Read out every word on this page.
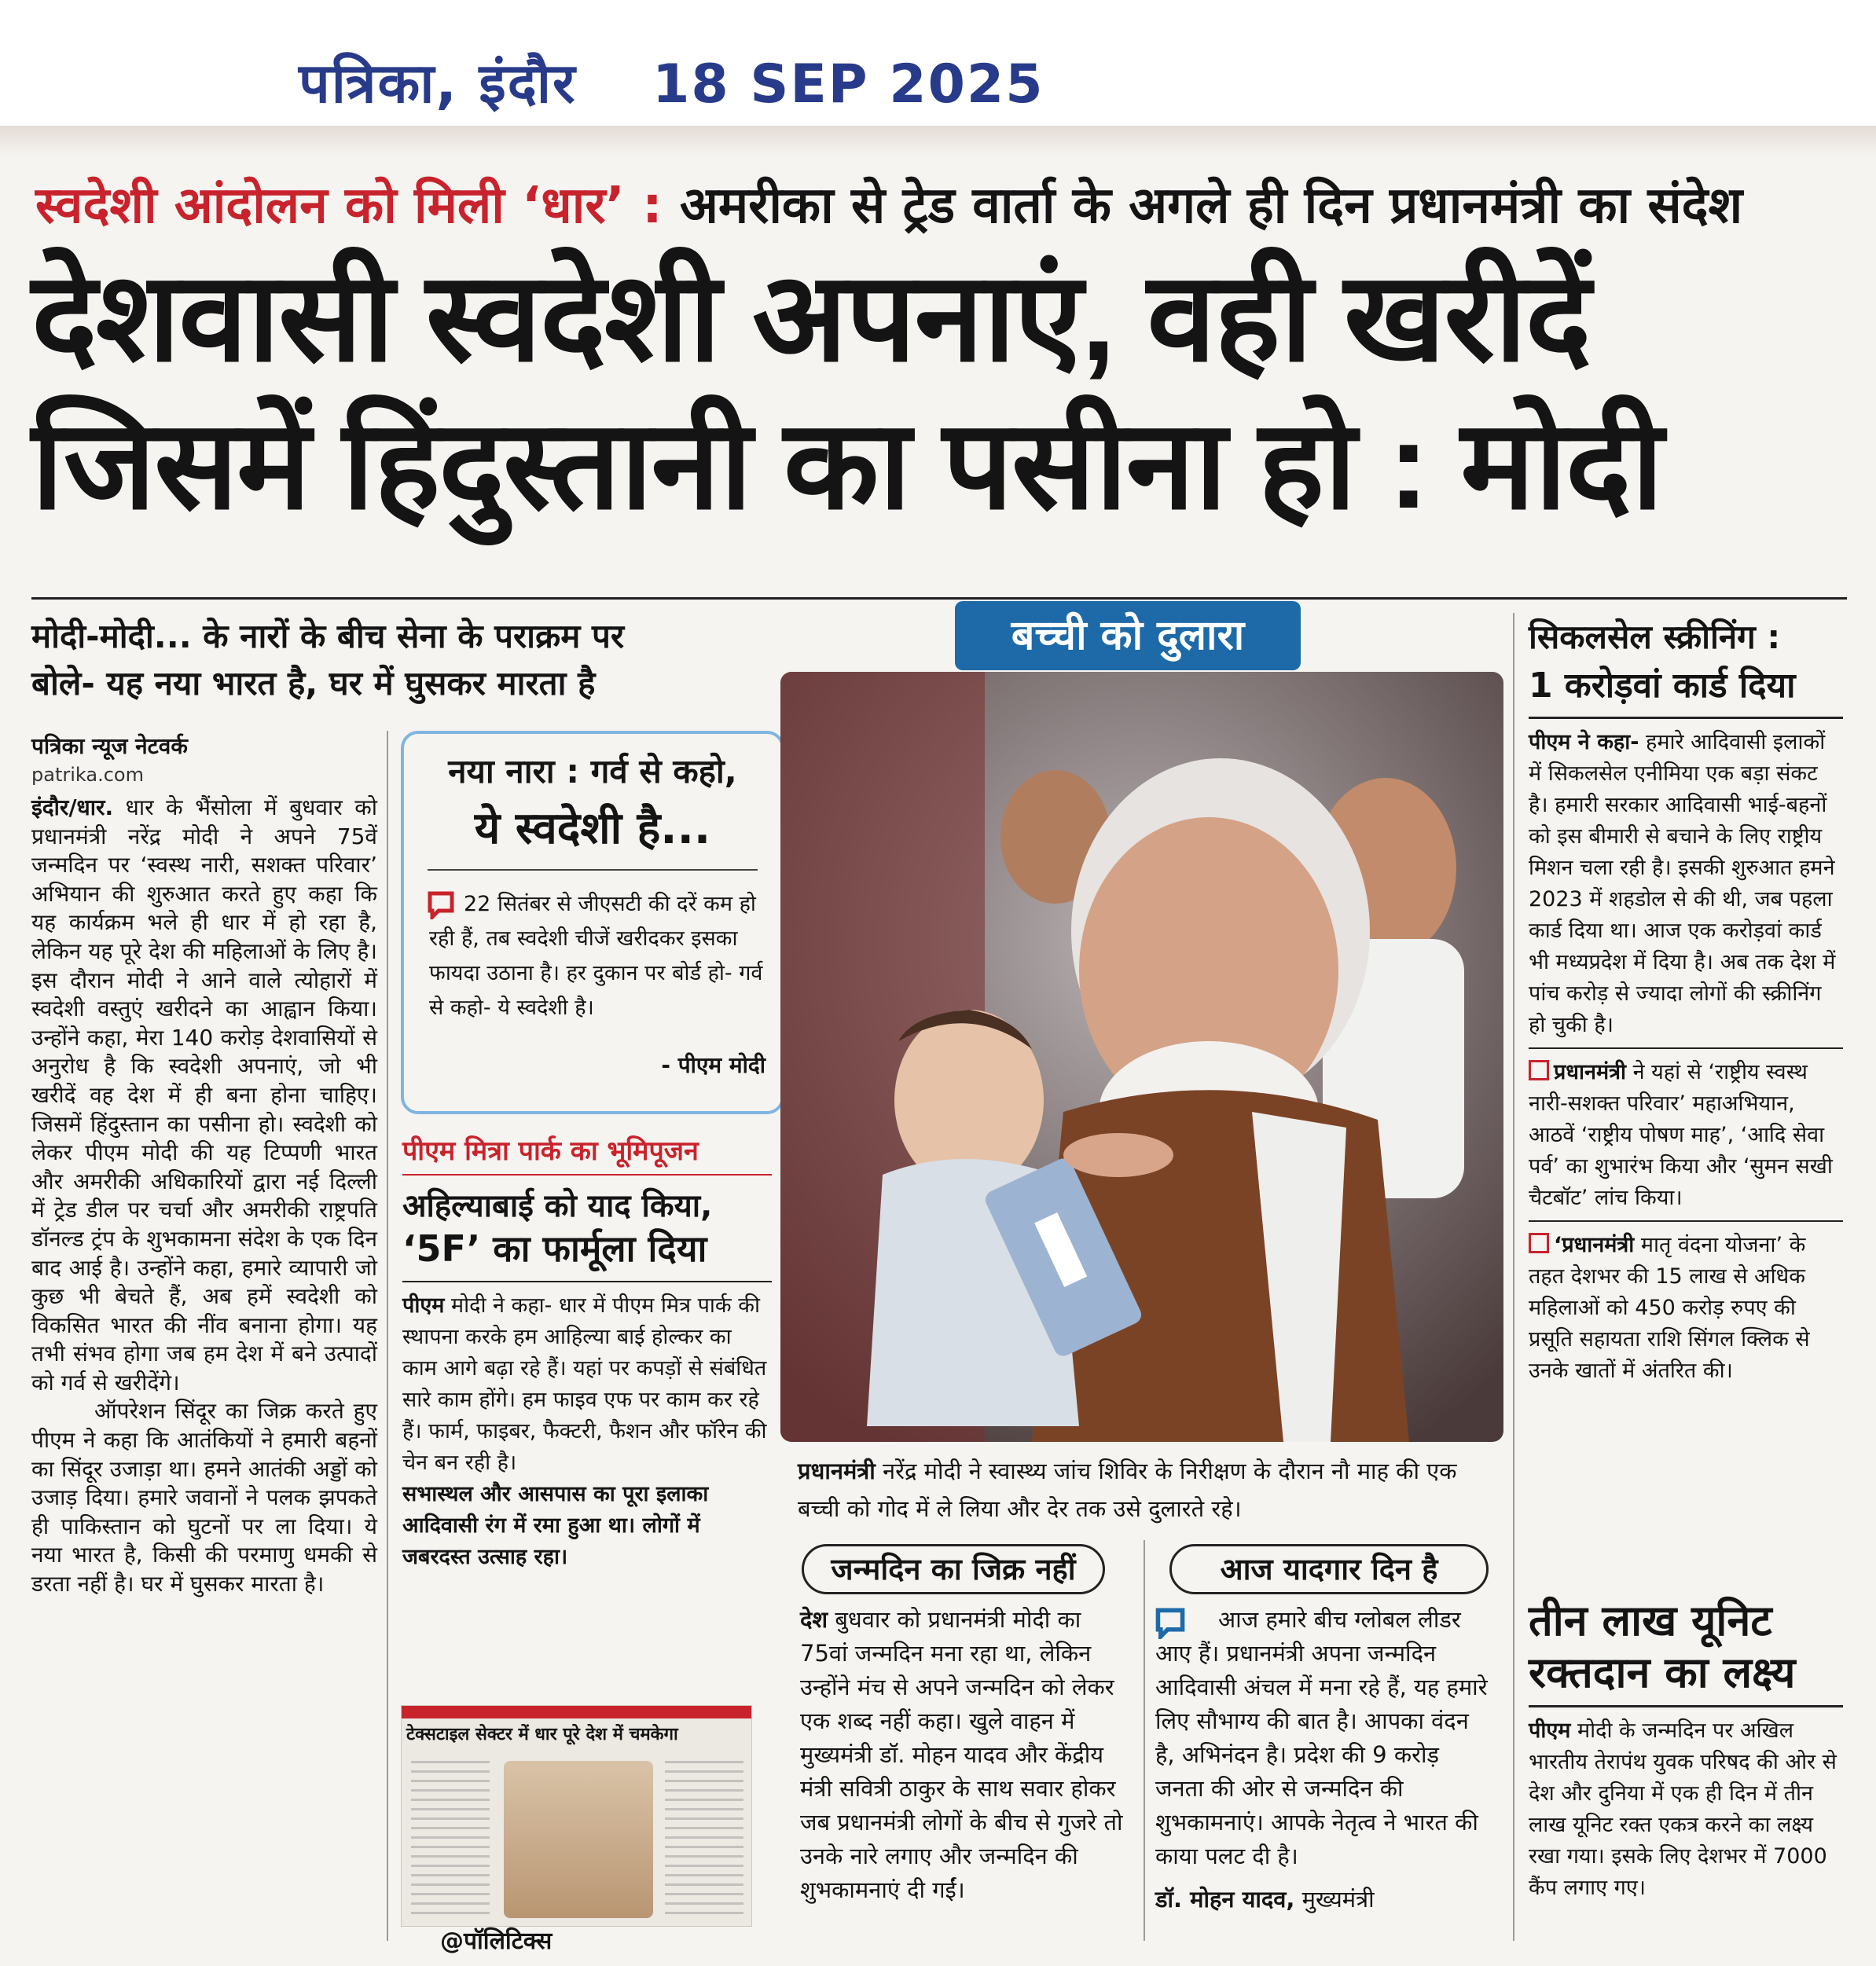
पत्रिका, इंदौर 18 SEP 2025
स्वदेशी आंदोलन को मिली ‘धार’ : अमरीका से ट्रेड वार्ता के अगले ही दिन प्रधानमंत्री का संदेश
देशवासी स्वदेशी अपनाएं, वही खरीदें
जिसमें हिंदुस्तानी का पसीना हो : मोदी
मोदी-मोदी... के नारों के बीच सेना के पराक्रम पर
बोले- यह नया भारत है, घर में घुसकर मारता है
पत्रिका न्यूज नेटवर्क
patrika.com

इंदौर/धार. धार के भैंसोला में बुधवार को प्रधानमंत्री नरेंद्र मोदी ने अपने 75वें जन्मदिन पर ‘स्वस्थ नारी, सशक्त परिवार’ अभियान की शुरुआत करते हुए कहा कि यह कार्यक्रम भले ही धार में हो रहा है, लेकिन यह पूरे देश की महिलाओं के लिए है। इस दौरान मोदी ने आने वाले त्योहारों में स्वदेशी वस्तुएं खरीदने का आह्वान किया। उन्होंने कहा, मेरा 140 करोड़ देशवासियों से अनुरोध है कि स्वदेशी अपनाएं, जो भी खरीदें वह देश में ही बना होना चाहिए। जिसमें हिंदुस्तान का पसीना हो। स्वदेशी को लेकर पीएम मोदी की यह टिप्पणी भारत और अमरीकी अधिकारियों द्वारा नई दिल्ली में ट्रेड डील पर चर्चा और अमरीकी राष्ट्रपति डॉनल्ड ट्रंप के शुभकामना संदेश के एक दिन बाद आई है। उन्होंने कहा, हमारे व्यापारी जो कुछ भी बेचते हैं, अब हमें स्वदेशी को विकसित भारत की नींव बनाना होगा। यह तभी संभव होगा जब हम देश में बने उत्पादों को गर्व से खरीदेंगे।

ऑपरेशन सिंदूर का जिक्र करते हुए पीएम ने कहा कि आतंकियों ने हमारी बहनों का सिंदूर उजाड़ा था। हमने आतंकी अड्डों को उजाड़ दिया। हमारे जवानों ने पलक झपकते ही पाकिस्तान को घुटनों पर ला दिया। ये नया भारत है, किसी की परमाणु धमकी से डरता नहीं है। घर में घुसकर मारता है।

नया नारा : गर्व से कहो,
ये स्वदेशी है...
22 सितंबर से जीएसटी की दरें कम हो रही हैं, तब स्वदेशी चीजें खरीदकर इसका फायदा उठाना है। हर दुकान पर बोर्ड हो- गर्व से कहो- ये स्वदेशी है।
- पीएम मोदी
पीएम मित्रा पार्क का भूमिपूजन
अहिल्याबाई को याद किया,
‘5F’ का फार्मूला दिया
पीएम मोदी ने कहा- धार में पीएम मित्र पार्क की स्थापना करके हम आहिल्या बाई होल्कर का काम आगे बढ़ा रहे हैं। यहां पर कपड़ों से संबंधित सारे काम होंगे। हम फाइव एफ पर काम कर रहे हैं। फार्म, फाइबर, फैक्टरी, फैशन और फॉरेन की चेन बन रही है।
सभास्थल और आसपास का पूरा इलाका आदिवासी रंग में रमा हुआ था। लोगों में जबरदस्त उत्साह रहा।
टेक्सटाइल सेक्टर में धार पूरे देश में चमकेगा
@पॉलिटिक्स
बच्ची को दुलारा
प्रधानमंत्री नरेंद्र मोदी ने स्वास्थ्य जांच शिविर के निरीक्षण के दौरान नौ माह की एक बच्ची को गोद में ले लिया और देर तक उसे दुलारते रहे।
जन्मदिन का जिक्र नहीं
देश बुधवार को प्रधानमंत्री मोदी का 75वां जन्मदिन मना रहा था, लेकिन उन्होंने मंच से अपने जन्मदिन को लेकर एक शब्द नहीं कहा। खुले वाहन में मुख्यमंत्री डॉ. मोहन यादव और केंद्रीय मंत्री सवित्री ठाकुर के साथ सवार होकर जब प्रधानमंत्री लोगों के बीच से गुजरे तो उनके नारे लगाए और जन्मदिन की शुभकामनाएं दी गईं।
आज यादगार दिन है
आज हमारे बीच ग्लोबल लीडर आए हैं। प्रधानमंत्री अपना जन्मदिन आदिवासी अंचल में मना रहे हैं, यह हमारे लिए सौभाग्य की बात है। आपका वंदन है, अभिनंदन है। प्रदेश की 9 करोड़ जनता की ओर से जन्मदिन की शुभकामनाएं। आपके नेतृत्व ने भारत की काया पलट दी है।
डॉ. मोहन यादव, मुख्यमंत्री
सिकलसेल स्क्रीनिंग :
1 करोड़वां कार्ड दिया
पीएम ने कहा- हमारे आदिवासी इलाकों में सिकलसेल एनीमिया एक बड़ा संकट है। हमारी सरकार आदिवासी भाई-बहनों को इस बीमारी से बचाने के लिए राष्ट्रीय मिशन चला रही है। इसकी शुरुआत हमने 2023 में शहडोल से की थी, जब पहला कार्ड दिया था। आज एक करोड़वां कार्ड भी मध्यप्रदेश में दिया है। अब तक देश में पांच करोड़ से ज्यादा लोगों की स्क्रीनिंग हो चुकी है।
प्रधानमंत्री ने यहां से ‘राष्ट्रीय स्वस्थ नारी-सशक्त परिवार’ महाअभियान, आठवें ‘राष्ट्रीय पोषण माह’, ‘आदि सेवा पर्व’ का शुभारंभ किया और ‘सुमन सखी चैटबॉट’ लांच किया।
‘प्रधानमंत्री मातृ वंदना योजना’ के तहत देशभर की 15 लाख से अधिक महिलाओं को 450 करोड़ रुपए की प्रसूति सहायता राशि सिंगल क्लिक से उनके खातों में अंतरित की।
तीन लाख यूनिट
रक्तदान का लक्ष्य
पीएम मोदी के जन्मदिन पर अखिल भारतीय तेरापंथ युवक परिषद की ओर से देश और दुनिया में एक ही दिन में तीन लाख यूनिट रक्त एकत्र करने का लक्ष्य रखा गया। इसके लिए देशभर में 7000 कैंप लगाए गए।
